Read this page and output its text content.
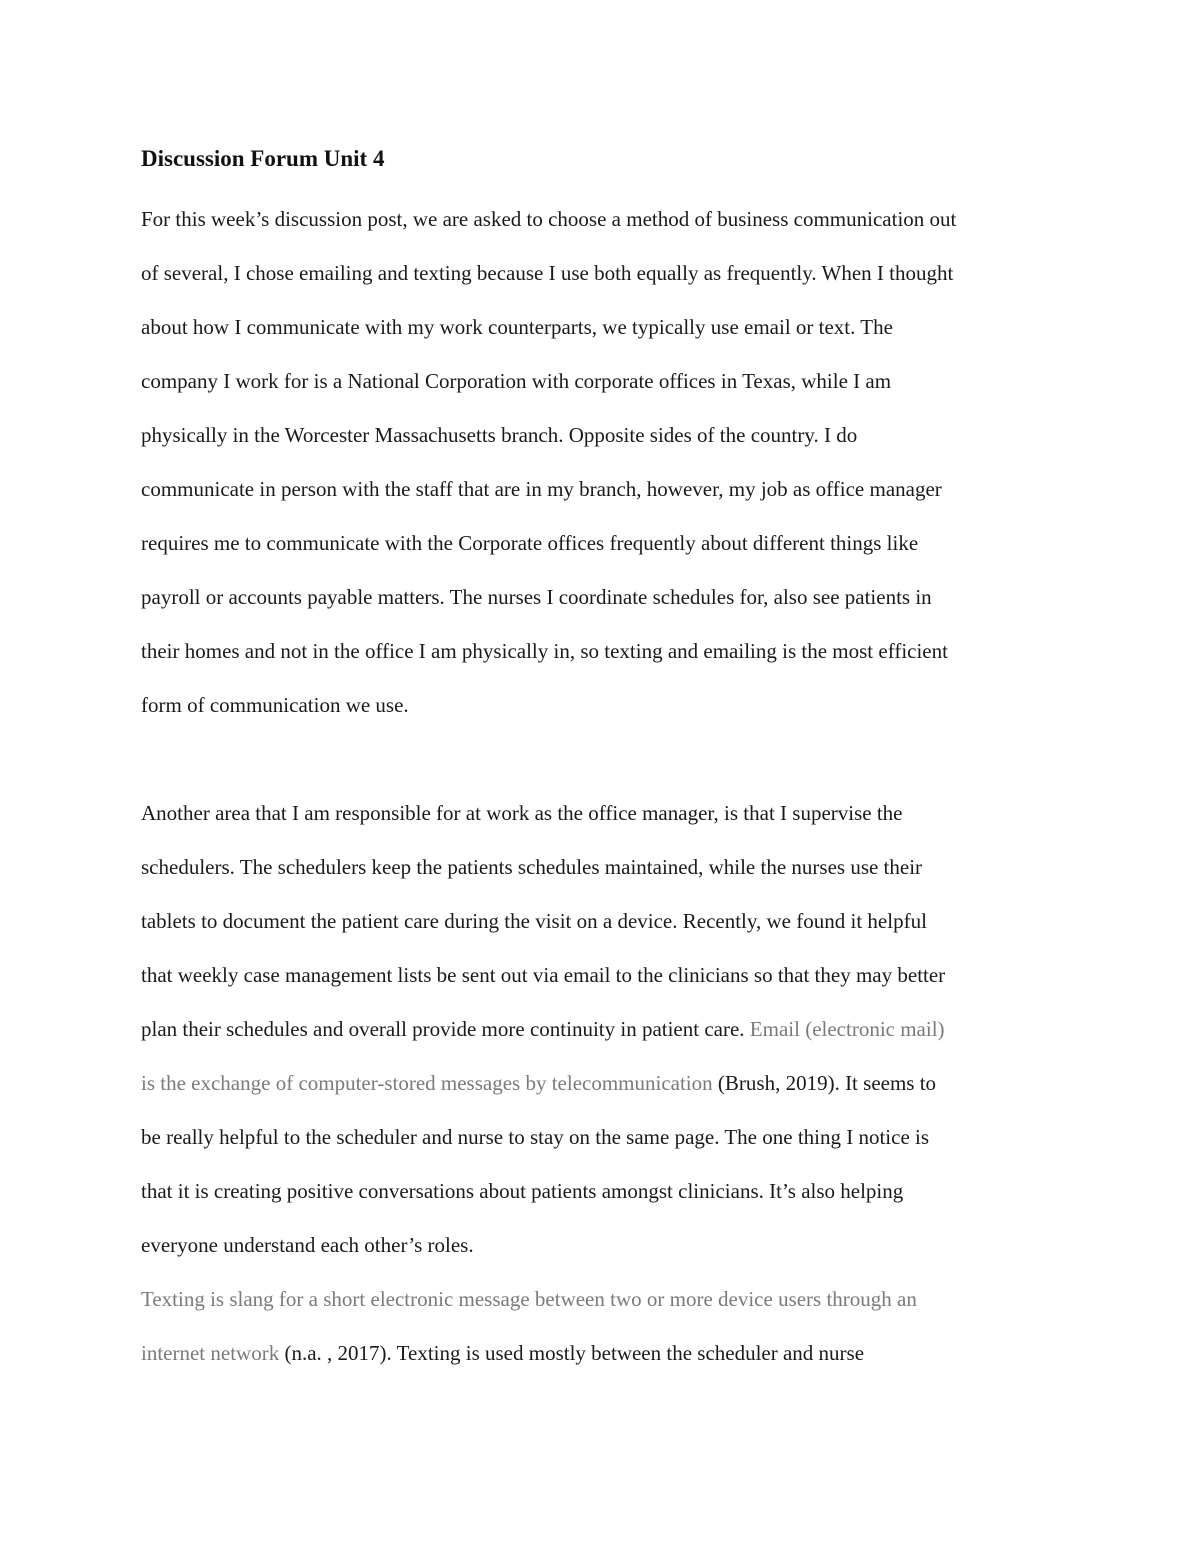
Discussion Forum Unit 4
For this week’s discussion post, we are asked to choose a method of business communication out
of several, I chose emailing and texting because I use both equally as frequently. When I thought
about how I communicate with my work counterparts, we typically use email or text. The
company I work for is a National Corporation with corporate offices in Texas, while I am
physically in the Worcester Massachusetts branch. Opposite sides of the country. I do
communicate in person with the staff that are in my branch, however, my job as office manager
requires me to communicate with the Corporate offices frequently about different things like
payroll or accounts payable matters. The nurses I coordinate schedules for, also see patients in
their homes and not in the office I am physically in, so texting and emailing is the most efficient
form of communication we use.
Another area that I am responsible for at work as the office manager, is that I supervise the
schedulers. The schedulers keep the patients schedules maintained, while the nurses use their
tablets to document the patient care during the visit on a device. Recently, we found it helpful
that weekly case management lists be sent out via email to the clinicians so that they may better
plan their schedules and overall provide more continuity in patient care. Email (electronic mail)
is the exchange of computer-stored messages by telecommunication (Brush, 2019). It seems to
be really helpful to the scheduler and nurse to stay on the same page. The one thing I notice is
that it is creating positive conversations about patients amongst clinicians. It’s also helping
everyone understand each other’s roles.
Texting is slang for a short electronic message between two or more device users through an
internet network (n.a. , 2017). Texting is used mostly between the scheduler and nurse
